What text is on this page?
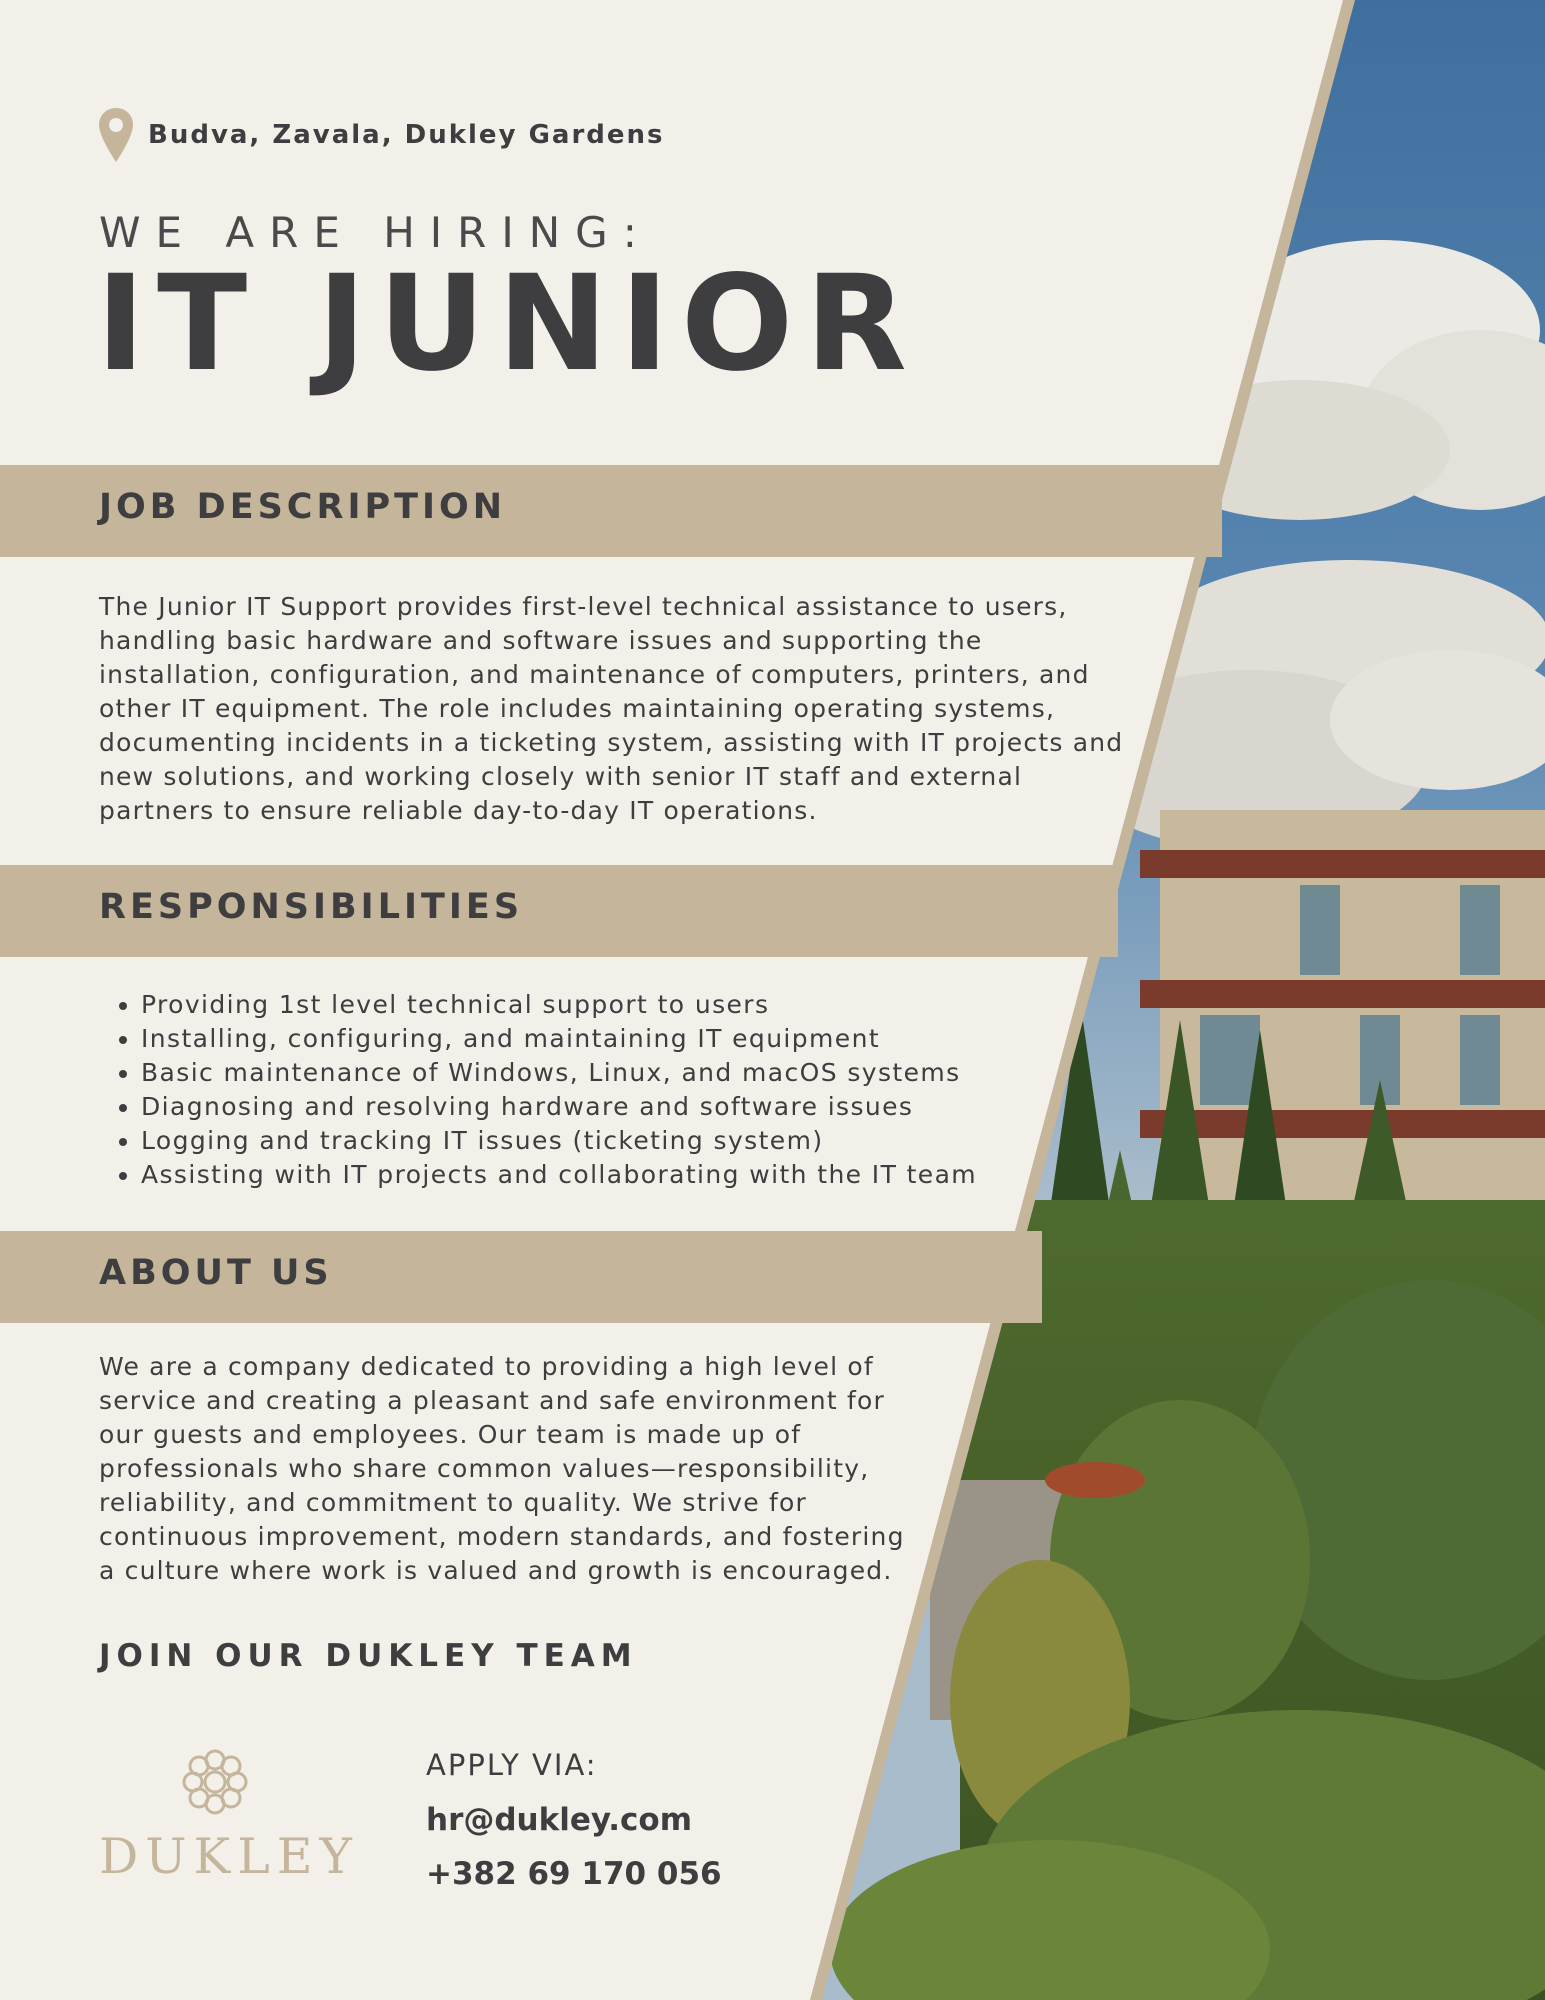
Budva, Zavala, Dukley Gardens
WE ARE HIRING:
IT JUNIOR
JOB DESCRIPTION

The Junior IT Support provides first-level technical assistance to users, handling basic hardware and software issues and supporting the installation, configuration, and maintenance of computers, printers, and other IT equipment. The role includes maintaining operating systems, documenting incidents in a ticketing system, assisting with IT projects and new solutions, and working closely with senior IT staff and external partners to ensure reliable day-to-day IT operations.

RESPONSIBILITIES
• Providing 1st level technical support to users
• Installing, configuring, and maintaining IT equipment
• Basic maintenance of Windows, Linux, and macOS systems
• Diagnosing and resolving hardware and software issues
• Logging and tracking IT issues (ticketing system)
• Assisting with IT projects and collaborating with the IT team
ABOUT US

We are a company dedicated to providing a high level of service and creating a pleasant and safe environment for our guests and employees. Our team is made up of professionals who share common values—responsibility, reliability, and commitment to quality. We strive for continuous improvement, modern standards, and fostering a culture where work is valued and growth is encouraged.

JOIN OUR DUKLEY TEAM
DUKLEY
APPLY VIA:
hr@dukley.com
+382 69 170 056
